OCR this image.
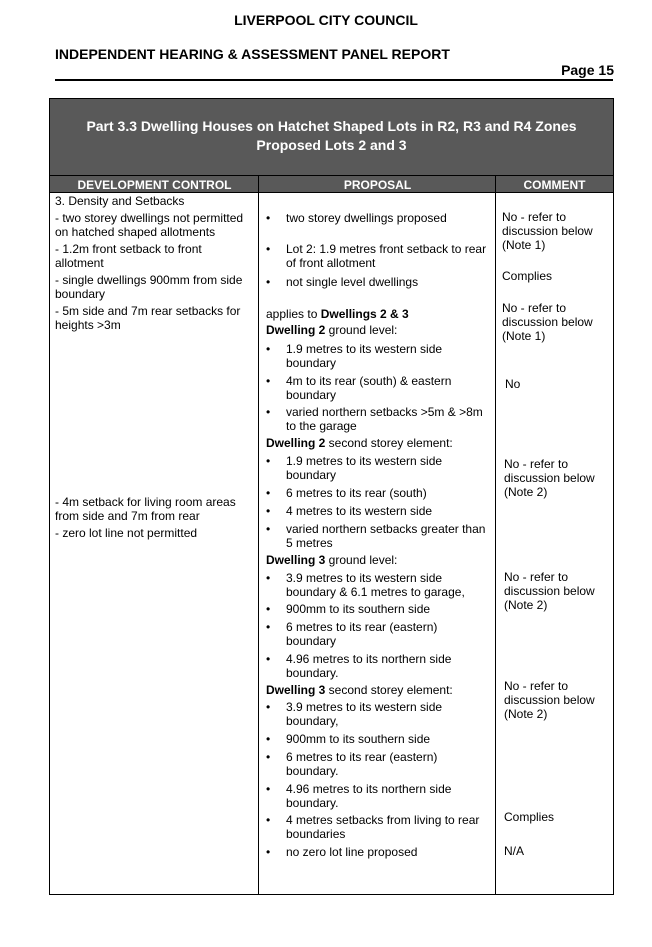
LIVERPOOL CITY COUNCIL
INDEPENDENT HEARING & ASSESSMENT PANEL REPORT
Page 15
Part 3.3 Dwelling Houses on Hatchet Shaped Lots in R2, R3 and R4 Zones
Proposed Lots 2 and 3
DEVELOPMENT CONTROL	PROPOSAL	COMMENT
3. Density and Setbacks
- two storey dwellings not permitted
on hatched shaped allotments
- 1.2m front setback to front
allotment
- single dwellings 900mm from side
boundary
- 5m side and 7m rear setbacks for
heights >3m
- 4m setback for living room areas
from side and 7m from rear
- zero lot line not permitted
• two storey dwellings proposed
• Lot 2: 1.9 metres front setback to rear
of front allotment
• not single level dwellings
applies to Dwellings 2 & 3
Dwelling 2 ground level:
• 1.9 metres to its western side
boundary
• 4m to its rear (south) & eastern
boundary
• varied northern setbacks >5m & >8m
to the garage
Dwelling 2 second storey element:
• 1.9 metres to its western side
boundary
• 6 metres to its rear (south)
• 4 metres to its western side
• varied northern setbacks greater than
5 metres
Dwelling 3 ground level:
• 3.9 metres to its western side
boundary & 6.1 metres to garage,
• 900mm to its southern side
• 6 metres to its rear (eastern)
boundary
• 4.96 metres to its northern side
boundary.
Dwelling 3 second storey element:
• 3.9 metres to its western side
boundary,
• 900mm to its southern side
• 6 metres to its rear (eastern)
boundary.
• 4.96 metres to its northern side
boundary.
• 4 metres setbacks from living to rear
boundaries
• no zero lot line proposed
No - refer to
discussion below
(Note 1)
Complies
No - refer to
discussion below
(Note 1)
No
No - refer to
discussion below
(Note 2)
No - refer to
discussion below
(Note 2)
No - refer to
discussion below
(Note 2)
Complies
N/A
